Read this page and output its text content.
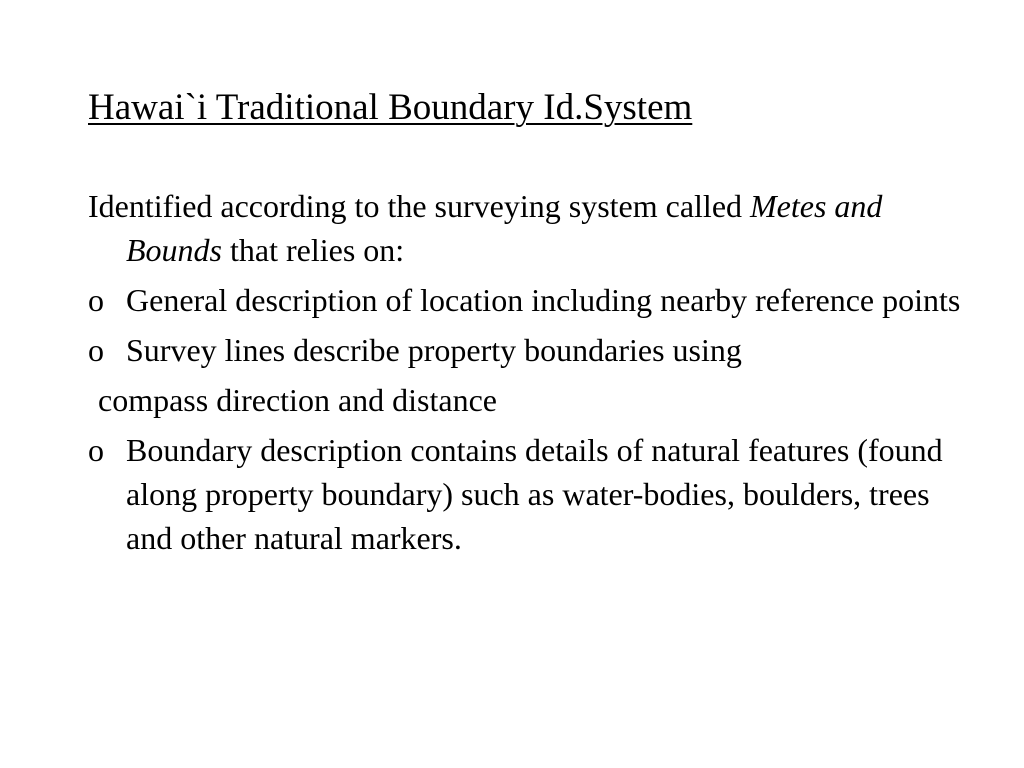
Hawai`i Traditional Boundary Id.System
Identified according to the surveying system called Metes and Bounds that relies on:
o General description of location including nearby reference points
o Survey lines describe property boundaries using
compass direction and distance
o Boundary description contains details of natural features (found along property boundary) such as water-bodies, boulders, trees and other natural markers.
